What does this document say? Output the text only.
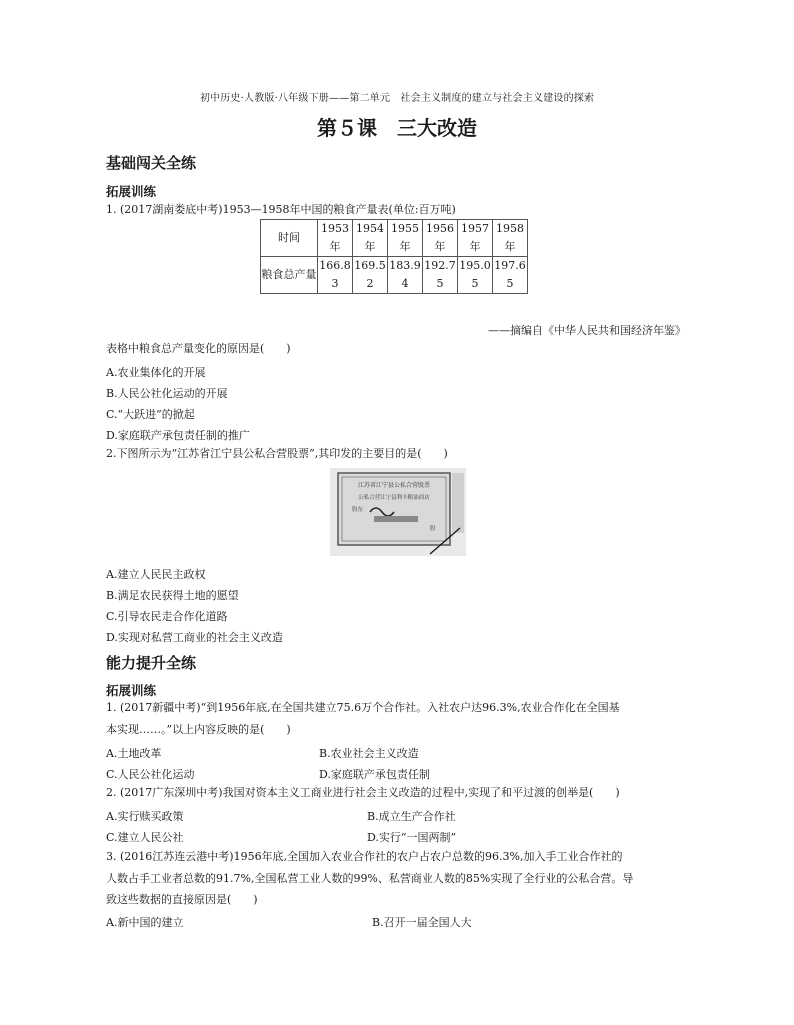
初中历史·人教版·八年级下册——第二单元　社会主义制度的建立与社会主义建设的探索
第５课　三大改造
基础闯关全练
拓展训练
1. (2017湖南娄底中考)1953—1958年中国的粮食产量表(单位:百万吨)
时间	1953年	1954年	1955年	1956年	1957年	1958年

粮食总产量	166.83	169.52	183.94	192.75	195.05	197.65
——摘编自《中华人民共和国经济年鉴》
表格中粮食总产量变化的原因是(　　)
A.农业集体化的开展
B.人民公社化运动的开展
C.“大跃进”的掀起
D.家庭联产承包责任制的推广
2.下图所示为“江苏省江宁县公私合营股票”,其印发的主要目的是(　　)
江苏省江宁县公私合营股票
公私合营江宁县利丰粮油商店
股东
股
A.建立人民民主政权
B.满足农民获得土地的愿望
C.引导农民走合作化道路
D.实现对私营工商业的社会主义改造
能力提升全练
拓展训练
1. (2017新疆中考)“到1956年底,在全国共建立75.6万个合作社。入社农户达96.3%,农业合作化在全国基
本实现……。”以上内容反映的是(　　)
A.土地改革	B.农业社会主义改造
C.人民公社化运动	D.家庭联产承包责任制
2. (2017广东深圳中考)我国对资本主义工商业进行社会主义改造的过程中,实现了和平过渡的创举是(　　)
A.实行赎买政策	B.成立生产合作社
C.建立人民公社	D.实行“一国两制”
3. (2016江苏连云港中考)1956年底,全国加入农业合作社的农户占农户总数的96.3%,加入手工业合作社的
人数占手工业者总数的91.7%,全国私营工业人数的99%、私营商业人数的85%实现了全行业的公私合营。导
致这些数据的直接原因是(　　)
A.新中国的建立	B.召开一届全国人大
